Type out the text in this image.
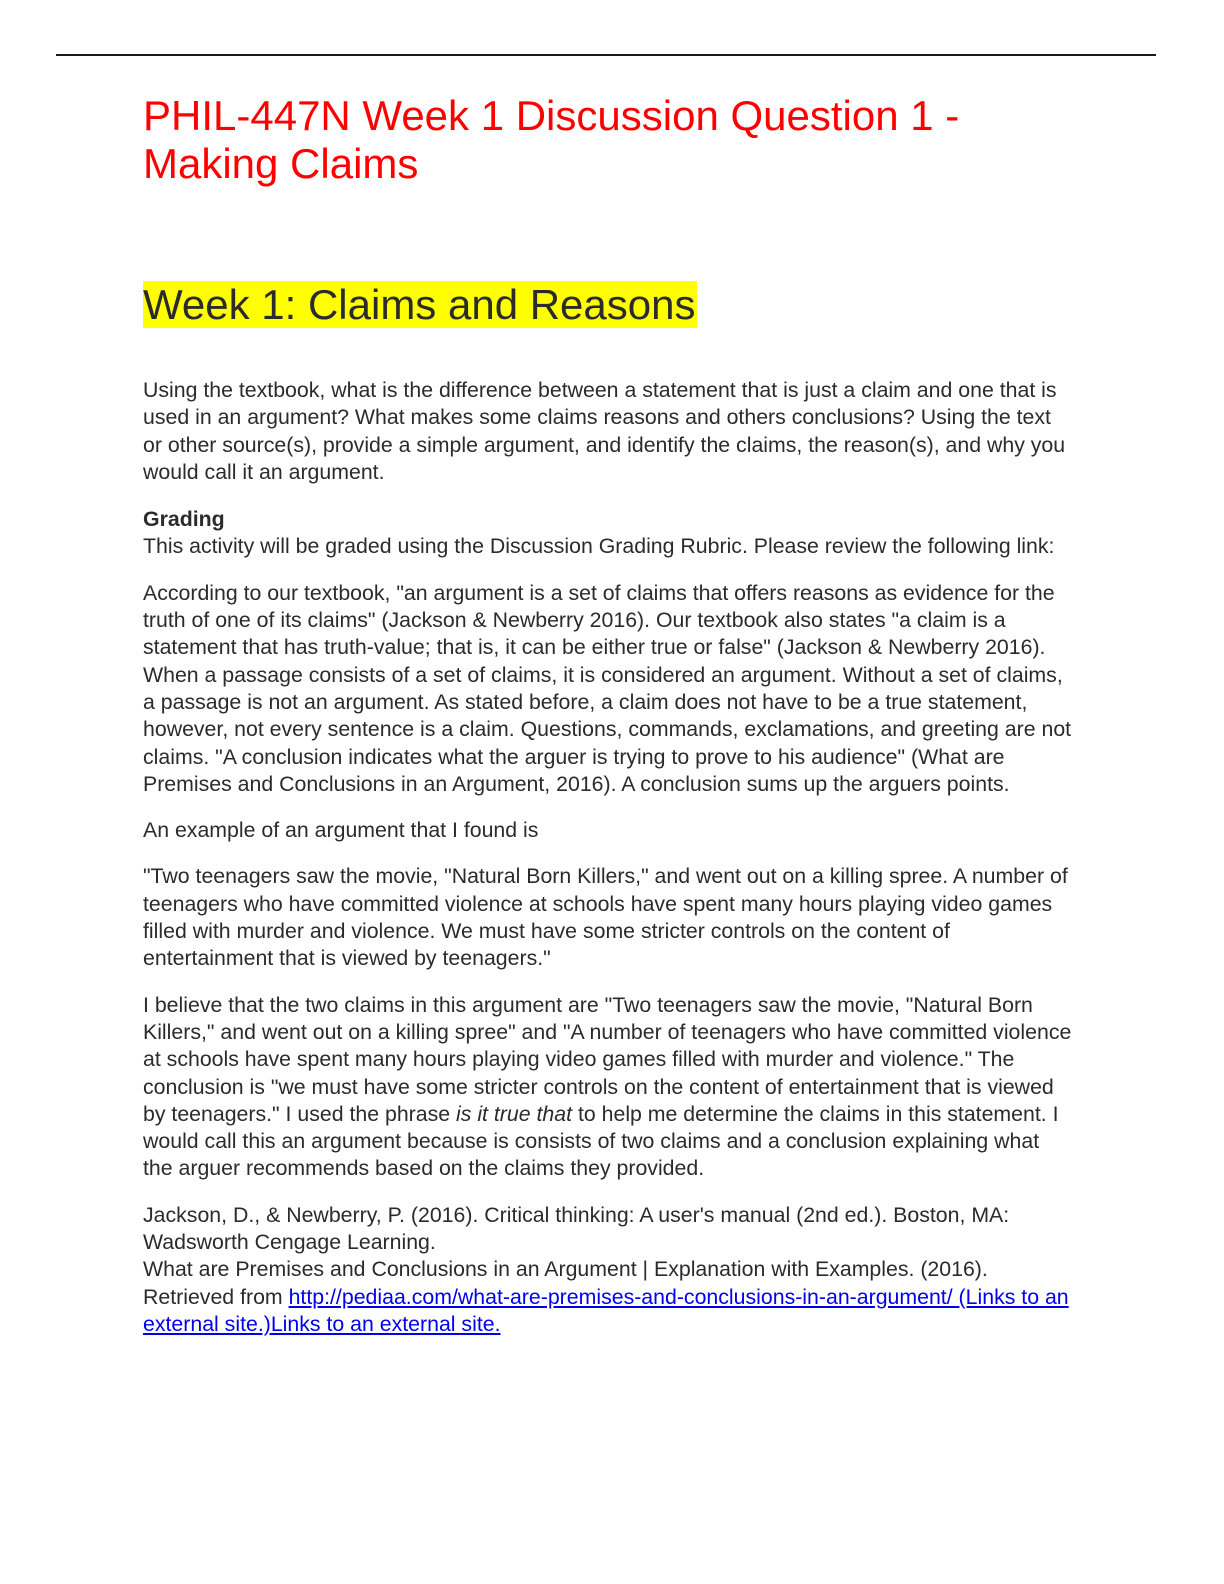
PHIL-447N Week 1 Discussion Question 1 - Making Claims
Week 1: Claims and Reasons

Using the textbook, what is the difference between a statement that is just a claim and one that is used in an argument? What makes some claims reasons and others conclusions? Using the text or other source(s), provide a simple argument, and identify the claims, the reason(s), and why you would call it an argument.

Grading

This activity will be graded using the Discussion Grading Rubric. Please review the following link:

According to our textbook, "an argument is a set of claims that offers reasons as evidence for the truth of one of its claims" (Jackson & Newberry 2016). Our textbook also states "a claim is a statement that has truth-value; that is, it can be either true or false" (Jackson & Newberry 2016). When a passage consists of a set of claims, it is considered an argument. Without a set of claims, a passage is not an argument. As stated before, a claim does not have to be a true statement, however, not every sentence is a claim. Questions, commands, exclamations, and greeting are not claims. "A conclusion indicates what the arguer is trying to prove to his audience" (What are Premises and Conclusions in an Argument, 2016). A conclusion sums up the arguers points.

An example of an argument that I found is

"Two teenagers saw the movie, "Natural Born Killers," and went out on a killing spree. A number of teenagers who have committed violence at schools have spent many hours playing video games filled with murder and violence. We must have some stricter controls on the content of entertainment that is viewed by teenagers."

I believe that the two claims in this argument are "Two teenagers saw the movie, "Natural Born Killers," and went out on a killing spree" and "A number of teenagers who have committed violence at schools have spent many hours playing video games filled with murder and violence." The conclusion is "we must have some stricter controls on the content of entertainment that is viewed by teenagers." I used the phrase is it true that to help me determine the claims in this statement. I would call this an argument because is consists of two claims and a conclusion explaining what the arguer recommends based on the claims they provided.

Jackson, D., & Newberry, P. (2016). Critical thinking: A user's manual (2nd ed.). Boston, MA: Wadsworth Cengage Learning.

What are Premises and Conclusions in an Argument | Explanation with Examples. (2016). Retrieved from http://pediaa.com/what-are-premises-and-conclusions-in-an-argument/ (Links to an external site.)Links to an external site.
